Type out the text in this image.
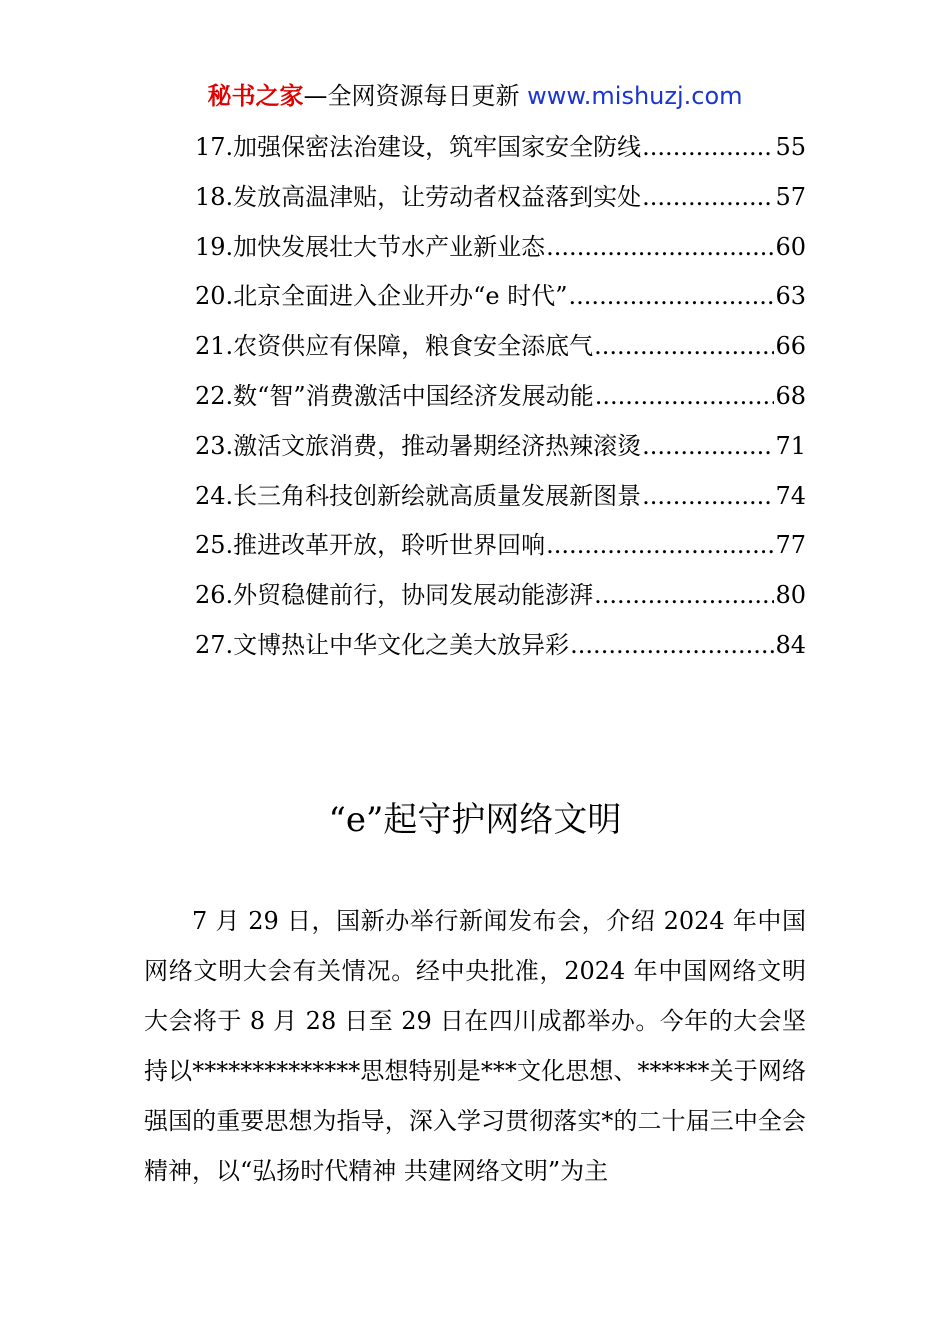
秘书之家—全网资源每日更新 www.mishuzj.com
17.加强保密法治建设，筑牢国家安全防线 .....	55
18.发放高温津贴，让劳动者权益落到实处 .....	57
19.加快发展壮大节水产业新业态 .....	60
20.北京全面进入企业开办“e 时代” .....	63
21.农资供应有保障，粮食安全添底气 .....	66
22.数“智”消费激活中国经济发展动能 .....	68
23.激活文旅消费，推动暑期经济热辣滚烫 .....	71
24.长三角科技创新绘就高质量发展新图景 .....	74
25.推进改革开放，聆听世界回响 .....	77
26.外贸稳健前行，协同发展动能澎湃 .....	80
27.文博热让中华文化之美大放异彩 .....	84
“e”起守护网络文明

7 月 29 日，国新办举行新闻发布会，介绍 2024 年中国网络文明大会有关情况。经中央批准，2024 年中国网络文明大会将于 8 月 28 日至 29 日在四川成都举办。今年的大会坚持以**************思想特别是***文化思想、******关于网络强国的重要思想为指导，深入学习贯彻落实*的二十届三中全会精神，以“弘扬时代精神 共建网络文明”为主
